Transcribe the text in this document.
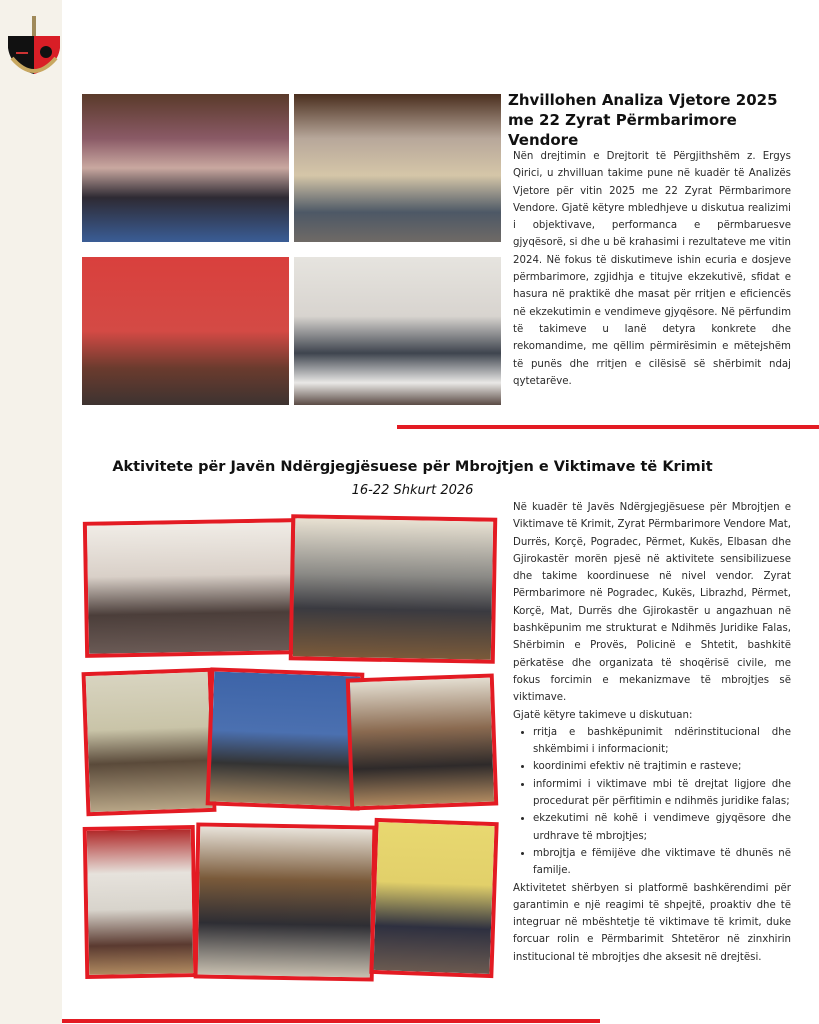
Zhvillohen Analiza Vjetore 2025 me 22 Zyrat Përmbarimore Vendore
Nën drejtimin e Drejtorit të Përgjithshëm z. Ergys Qirici, u zhvilluan takime pune në kuadër të Analizës Vjetore për vitin 2025 me 22 Zyrat Përmbarimore Vendore. Gjatë këtyre mbledhjeve u diskutua realizimi i objektivave, performanca e përmbaruesve gjyqësorë, si dhe u bë krahasimi i rezultateve me vitin 2024. Në fokus të diskutimeve ishin ecuria e dosjeve përmbarimore, zgjidhja e titujve ekzekutivë, sfidat e hasura në praktikë dhe masat për rritjen e eficiencës në ekzekutimin e vendimeve gjyqësore. Në përfundim të takimeve u lanë detyra konkrete dhe rekomandime, me qëllim përmirësimin e mëtejshëm të punës dhe rritjen e cilësisë së shërbimit ndaj qytetarëve.
Aktivitete për Javën Ndërgjegjësuese për Mbrojtjen e Viktimave të Krimit
16-22 Shkurt 2026
Në kuadër të Javës Ndërgjegjësuese për Mbrojtjen e Viktimave të Krimit, Zyrat Përmbarimore Vendore Mat, Durrës, Korçë, Pogradec, Përmet, Kukës, Elbasan dhe Gjirokastër morën pjesë në aktivitete sensibilizuese dhe takime koordinuese në nivel vendor. Zyrat Përmbarimore në Pogradec, Kukës, Librazhd, Përmet, Korçë, Mat, Durrës dhe Gjirokastër u angazhuan në bashkëpunim me strukturat e Ndihmës Juridike Falas, Shërbimin e Provës, Policinë e Shtetit, bashkitë përkatëse dhe organizata të shoqërisë civile, me fokus forcimin e mekanizmave të mbrojtjes së viktimave.
Gjatë këtyre takimeve u diskutuan:
• rritja e bashkëpunimit ndërinstitucional dhe shkëmbimi i informacionit;
• koordinimi efektiv në trajtimin e rasteve;
• informimi i viktimave mbi të drejtat ligjore dhe procedurat për përfitimin e ndihmës juridike falas;
• ekzekutimi në kohë i vendimeve gjyqësore dhe urdhrave të mbrojtjes;
• mbrojtja e fëmijëve dhe viktimave të dhunës në familje.
Aktivitetet shërbyen si platformë bashkërendimi për garantimin e një reagimi të shpejtë, proaktiv dhe të integruar në mbështetje të viktimave të krimit, duke forcuar rolin e Përmbarimit Shtetëror në zinxhirin institucional të mbrojtjes dhe aksesit në drejtësi.
